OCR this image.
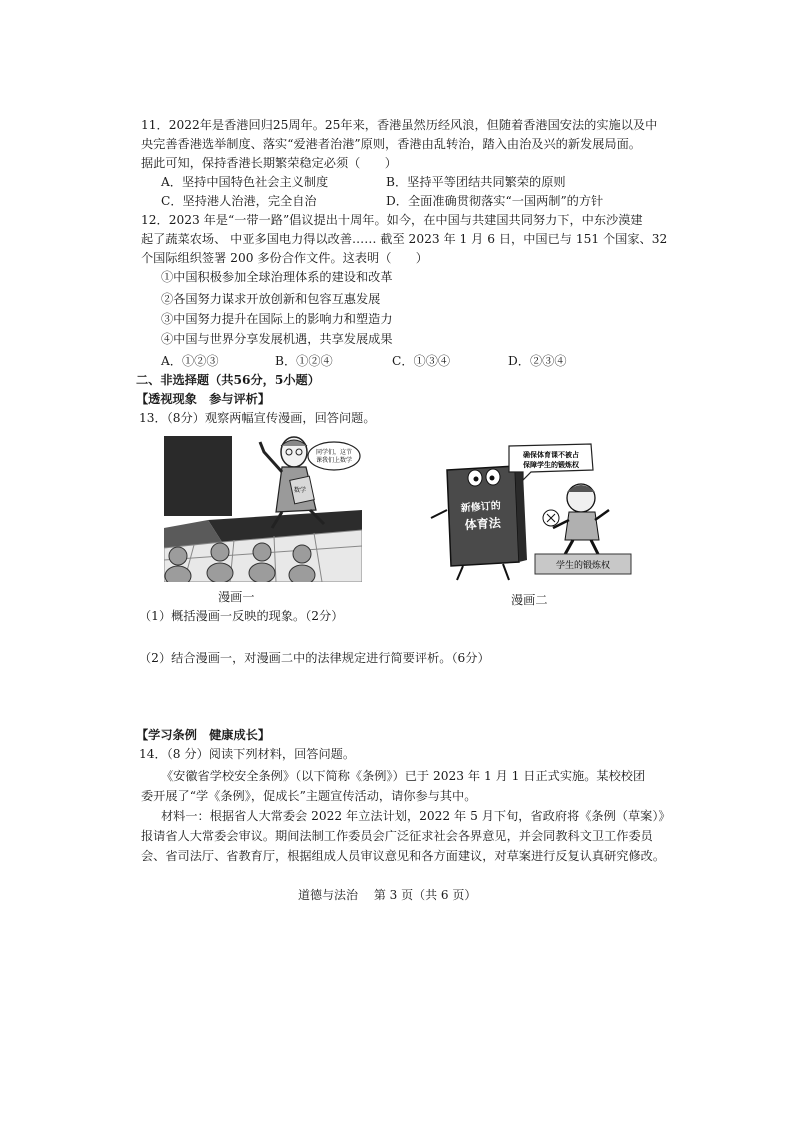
11．2022年是香港回归25周年。25年来，香港虽然历经风浪，但随着香港国安法的实施以及中
央完善香港选举制度、落实“爱港者治港”原则，香港由乱转治，踏入由治及兴的新发展局面。
据此可知，保持香港长期繁荣稳定必须（　　）
A．坚持中国特色社会主义制度	B．坚持平等团结共同繁荣的原则
C．坚持港人治港，完全自治	D．全面准确贯彻落实“一国两制”的方针
12．2023 年是“一带一路”倡议提出十周年。如今，在中国与共建国共同努力下，中东沙漠建
起了蔬菜农场、 中亚多国电力得以改善…… 截至 2023 年 1 月 6 日，中国已与 151 个国家、32
个国际组织签署 200 多份合作文件。这表明（　　）
①中国积极参加全球治理体系的建设和改革
②各国努力谋求开放创新和包容互惠发展
③中国努力提升在国际上的影响力和塑造力
④中国与世界分享发展机遇，共享发展成果
A．①②③	B．①②④	C．①③④	D．②③④
二、非选择题（共56分，5小题）
【透视现象　参与评析】
13．（8分）观察两幅宣传漫画，回答问题。
同学们，这节
课我们上数学
数学
漫画一
新修订的
体育法
确保体育课不被占
保障学生的锻炼权
学生的锻炼权
漫画二
（1）概括漫画一反映的现象。（2分）
（2）结合漫画一，对漫画二中的法律规定进行简要评析。（6分）
【学习条例　健康成长】
14．（8 分）阅读下列材料，回答问题。
《安徽省学校安全条例》（以下简称《条例》）已于 2023 年 1 月 1 日正式实施。某校校团
委开展了“学《条例》，促成长”主题宣传活动，请你参与其中。
材料一：根据省人大常委会 2022 年立法计划，2022 年 5 月下旬，省政府将《条例（草案）》
报请省人大常委会审议。期间法制工作委员会广泛征求社会各界意见，并会同教科文卫工作委员
会、省司法厅、省教育厅，根据组成人员审议意见和各方面建议，对草案进行反复认真研究修改。
道德与法治　 第 3 页（共 6 页）
